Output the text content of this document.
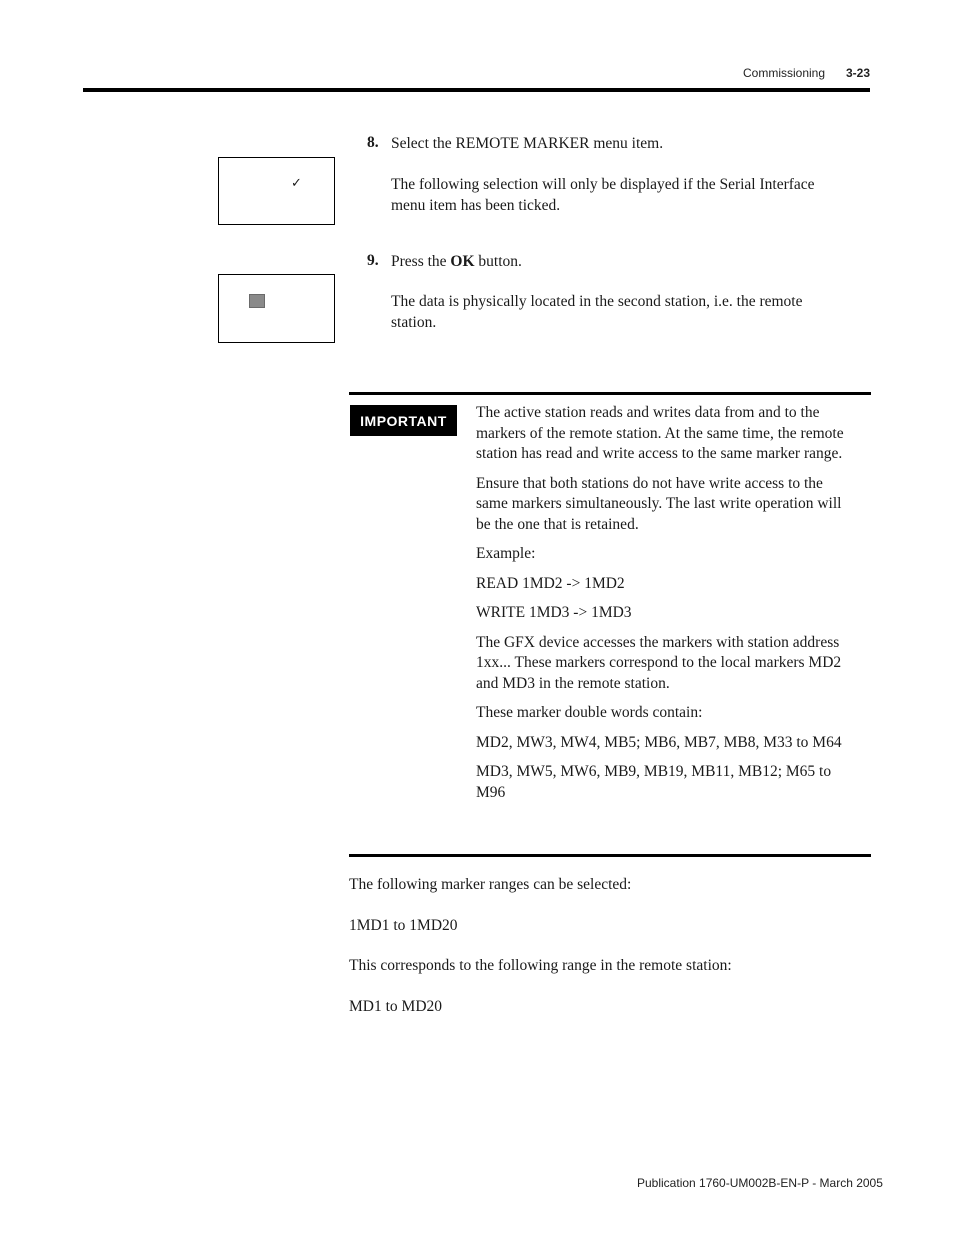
Commissioning 3-23
✓
8. Select the REMOTE MARKER menu item.
The following selection will only be displayed if the Serial Interface menu item has been ticked.
9. Press the OK button.
The data is physically located in the second station, i.e. the remote station.
IMPORTANT	The active station reads and writes data from and to the markers of the remote station. At the same time, the remote station has read and write access to the same marker range.

Ensure that both stations do not have write access to the same markers simultaneously. The last write operation will be the one that is retained.

Example:

READ 1MD2 -> 1MD2

WRITE 1MD3 -> 1MD3

The GFX device accesses the markers with station address 1xx... These markers correspond to the local markers MD2 and MD3 in the remote station.

These marker double words contain:

MD2, MW3, MW4, MB5; MB6, MB7, MB8, M33 to M64

MD3, MW5, MW6, MB9, MB19, MB11, MB12; M65 to M96

The following marker ranges can be selected:

1MD1 to 1MD20

This corresponds to the following range in the remote station:

MD1 to MD20

Publication 1760-UM002B-EN-P - March 2005
